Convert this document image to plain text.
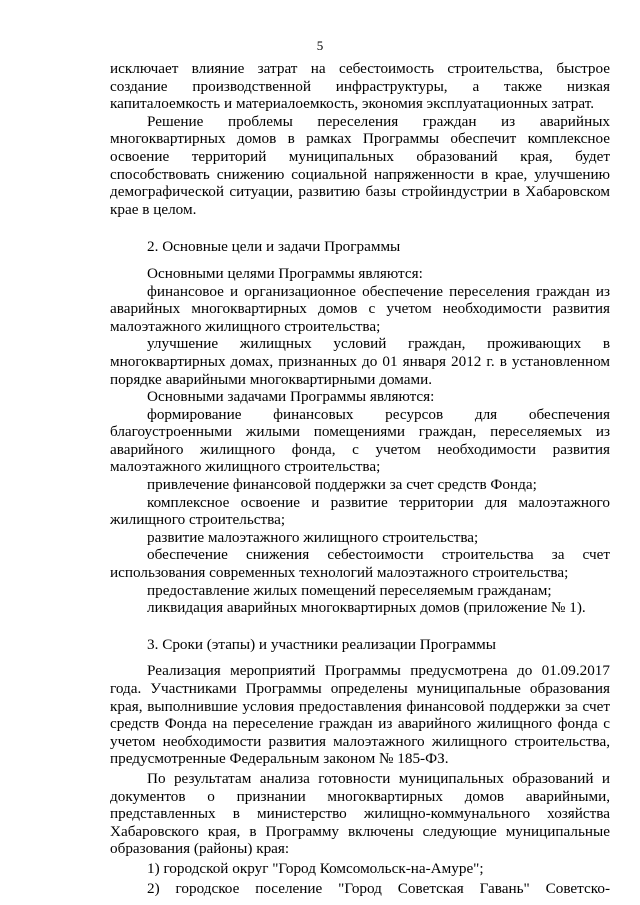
5

исключает влияние затрат на себестоимость строительства, быстрое создание производственной инфраструктуры, а также низкая капиталоемкость и материалоемкость, экономия эксплуатационных затрат.

Решение проблемы переселения граждан из аварийных многоквартирных домов в рамках Программы обеспечит комплексное освоение территорий муниципальных образований края, будет способствовать снижению социальной напряженности в крае, улучшению демографической ситуации, развитию базы стройиндустрии в Хабаровском крае в целом.

2. Основные цели и задачи Программы

Основными целями Программы являются:

финансовое и организационное обеспечение переселения граждан из аварийных многоквартирных домов с учетом необходимости развития малоэтажного жилищного строительства;

улучшение жилищных условий граждан, проживающих в многоквартирных домах, признанных до 01 января 2012 г. в установленном порядке аварийными многоквартирными домами.

Основными задачами Программы являются:

формирование финансовых ресурсов для обеспечения благоустроенными жилыми помещениями граждан, переселяемых из аварийного жилищного фонда, с учетом необходимости развития малоэтажного жилищного строительства;

привлечение финансовой поддержки за счет средств Фонда;

комплексное освоение и развитие территории для малоэтажного жилищного строительства;

развитие малоэтажного жилищного строительства;

обеспечение снижения себестоимости строительства за счет использования современных технологий малоэтажного строительства;

предоставление жилых помещений переселяемым гражданам;

ликвидация аварийных многоквартирных домов (приложение № 1).

3. Сроки (этапы) и участники реализации Программы

Реализация мероприятий Программы предусмотрена до 01.09.2017 года. Участниками Программы определены муниципальные образования края, выполнившие условия предоставления финансовой поддержки за счет средств Фонда на переселение граждан из аварийного жилищного фонда с учетом необходимости развития малоэтажного жилищного строительства, предусмотренные Федеральным законом № 185-ФЗ.

По результатам анализа готовности муниципальных образований и документов о признании многоквартирных домов аварийными, представленных в министерство жилищно-коммунального хозяйства Хабаровского края, в Программу включены следующие муниципальные образования (районы) края:

1) городской округ "Город Комсомольск-на-Амуре";

2) городское поселение "Город Советская Гавань" Советско-
